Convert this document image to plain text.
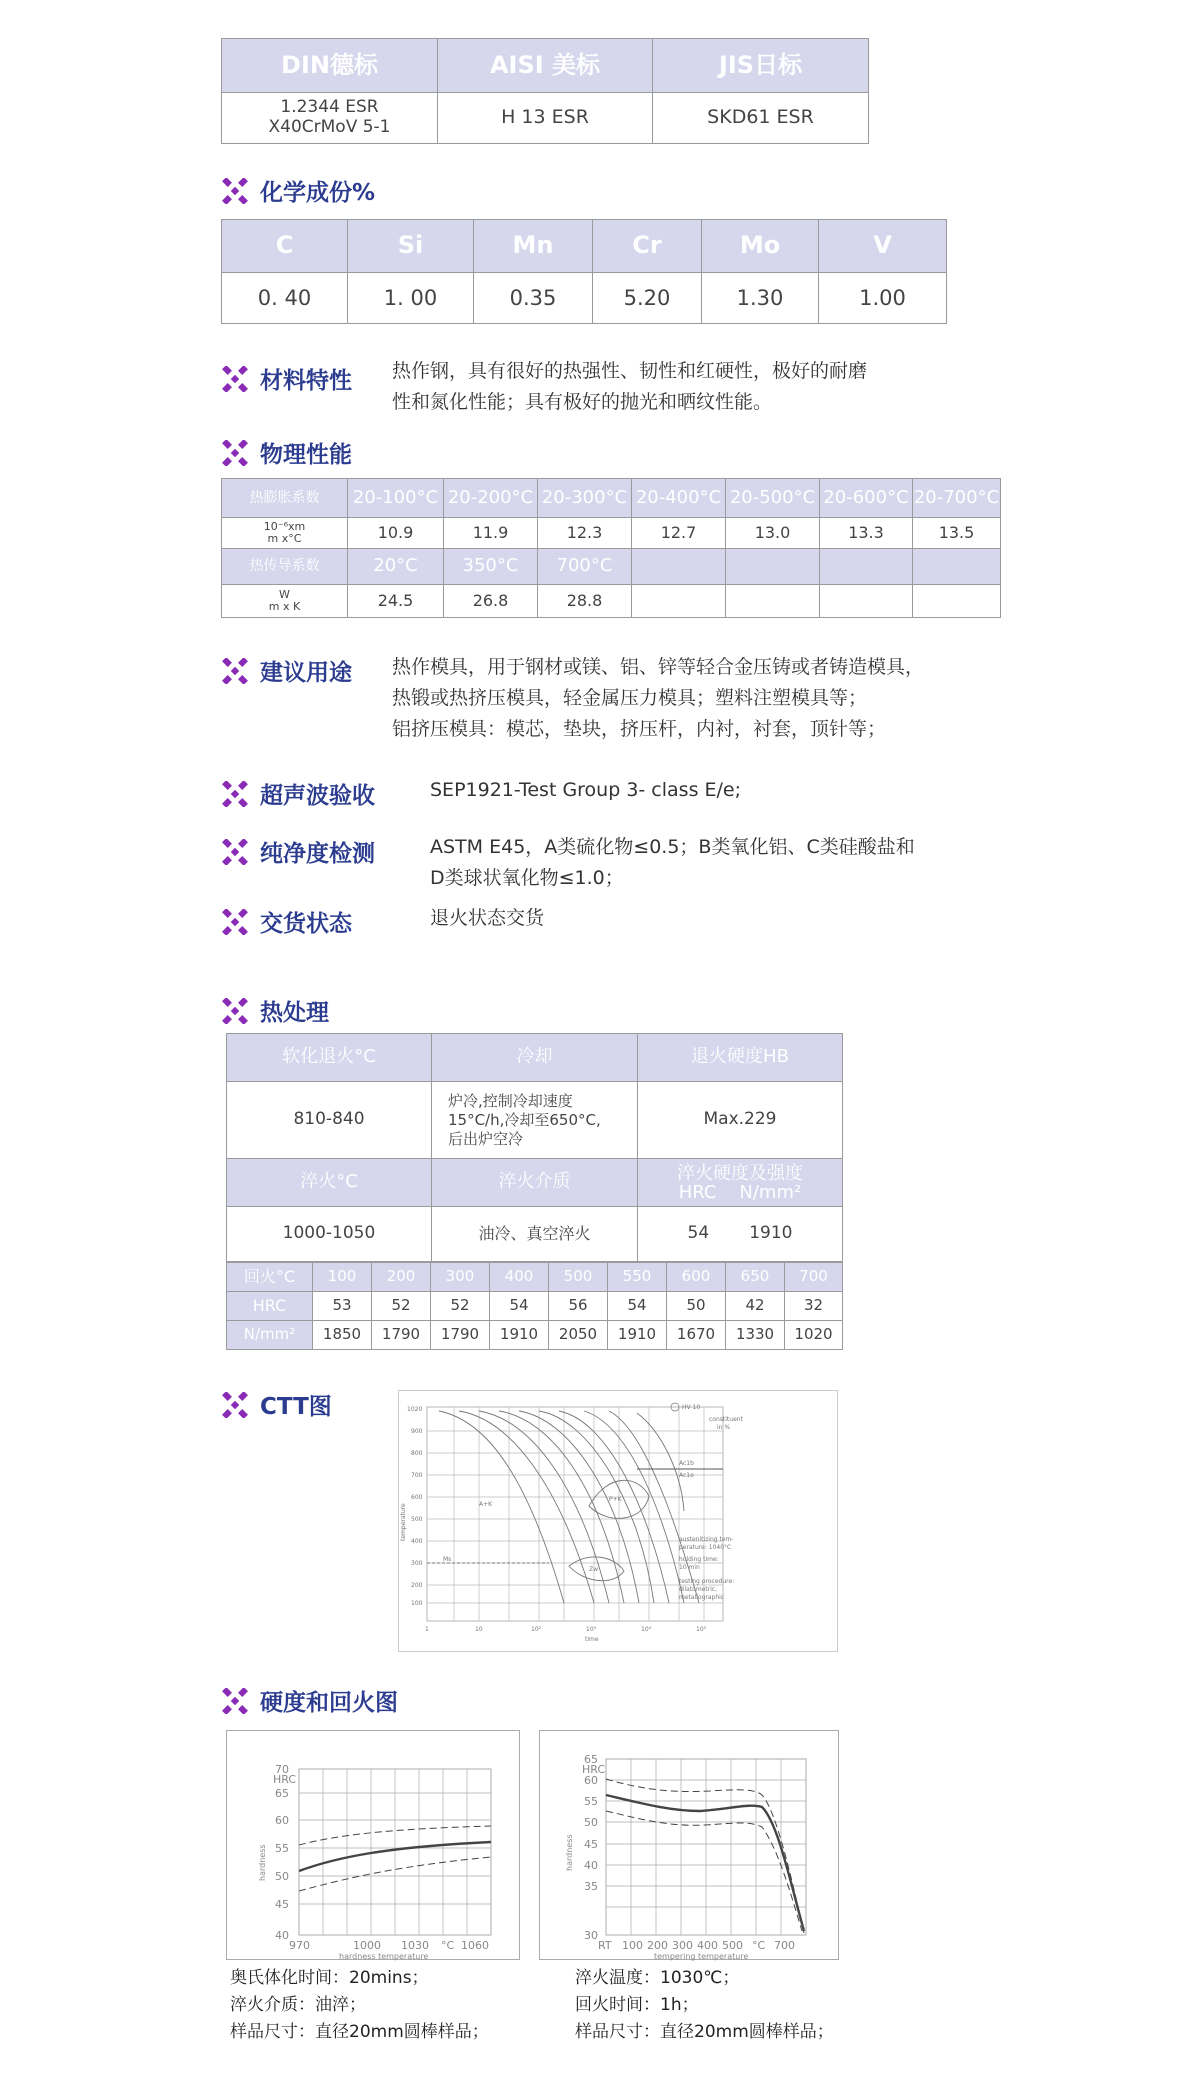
DIN德标	AISI 美标	JIS日标

1.2344 ESR
X40CrMoV 5-1	H 13 ESR	SKD61 ESR
化学成份%
C	Si	Mn	Cr	Mo	V
0. 40	1. 00	0.35	5.20	1.30	1.00
材料特性 热作钢，具有很好的热强性、韧性和红硬性，极好的耐磨
性和氮化性能；具有极好的抛光和晒纹性能。
物理性能
热膨胀系数	20-100°C	20-200°C	20-300°C	20-400°C	20-500°C	20-600°C	20-700°C

10⁻⁶xm
m x°C	10.9	11.9	12.3	12.7	13.0	13.3	13.5
热传导系数	20°C	350°C	700°C				

W
m x K	24.5	26.8	28.8				
建议用途 热作模具，用于钢材或镁、铝、锌等轻合金压铸或者铸造模具，
热锻或热挤压模具，轻金属压力模具；塑料注塑模具等；
铝挤压模具：模芯，垫块，挤压杆，内衬，衬套，顶针等；
超声波验收	SEP1921-Test Group 3- class E/e;
纯净度检测	ASTM E45，A类硫化物≤0.5；B类氧化铝、C类硅酸盐和
D类球状氧化物≤1.0；
交货状态	退火状态交货
热处理
软化退火°C	冷却	退火硬度HB
810-840	炉冷,控制冷却速度
15°C/h,冷却至650°C,
后出炉空冷	Max.229
淬火°C	淬火介质	淬火硬度及强度
HRC    N/mm²

1000-1050	油冷、真空淬火	54 1910
回火°C	100	200	300	400	500	550	600	650	700
HRC	53	52	52	54	56	54	50	42	32
N/mm²	1850	1790	1790	1910	2050	1910	1670	1330	1020
CTT图	1020
900
800
700
600
500
400
300
200
100
1	10	10²	10³	10⁴	10⁵
time
temperature	A+K
P+K
Zw
Ms
HV 10
constituent
in %
Ac1b
Ac1e
austenitizing tem-
perature: 1040°C
holding time:
10 min
testing procedure:
dilatometric,
metallographic
硬度和回火图
70
HRC
65
60
55
50
45
40
970	1000 1030 °C 1060
hardness temperature
hardness
奥氏体化时间：20mins；
淬火介质：油淬；
样品尺寸：直径20mm圆棒样品；
65
HRC
60
55
50
45
40
35
30
RT 100 200 300 400 500 °C 700
tempering temperature
hardness
淬火温度：1030℃；
回火时间：1h；
样品尺寸：直径20mm圆棒样品；
